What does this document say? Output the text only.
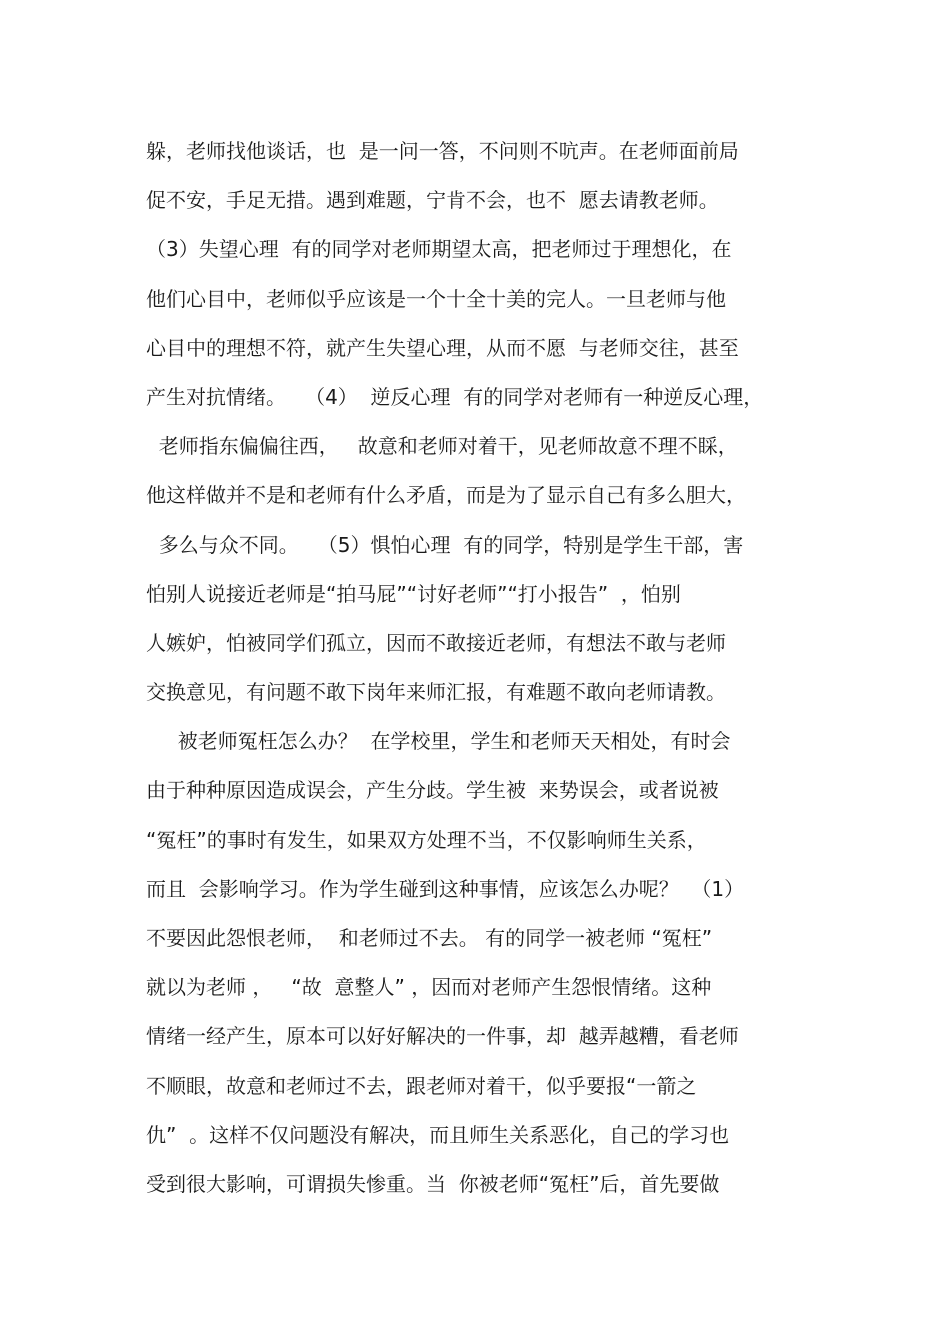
躲，老师找他谈话，也  是一问一答，不问则不吭声。在老师面前局
促不安，手足无措。遇到难题，宁肯不会，也不  愿去请教老师。
（3）失望心理  有的同学对老师期望太高，把老师过于理想化，在
他们心目中，老师似乎应该是一个十全十美的完人。一旦老师与他
心目中的理想不符，就产生失望心理，从而不愿  与老师交往，甚至
产生对抗情绪。   （4）  逆反心理  有的同学对老师有一种逆反心理，
老师指东偏偏往西，   故意和老师对着干，见老师故意不理不睬，
他这样做并不是和老师有什么矛盾，而是为了显示自己有多么胆大，
多么与众不同。   （5）惧怕心理  有的同学，特别是学生干部，害
怕别人说接近老师是“拍马屁”“讨好老师”“打小报告”  ，怕别
人嫉妒，怕被同学们孤立，因而不敢接近老师，有想法不敢与老师
交换意见，有问题不敢下岗年来师汇报，有难题不敢向老师请教。
被老师冤枉怎么办？  在学校里，学生和老师天天相处，有时会
由于种种原因造成误会，产生分歧。学生被  来势误会，或者说被
“冤枉”的事时有发生，如果双方处理不当，不仅影响师生关系，
而且  会影响学习。作为学生碰到这种事情，应该怎么办呢？  （1）
不要因此怨恨老师，  和老师过不去。 有的同学一被老师 “冤枉”
就以为老师 ，   “故  意整人” ，因而对老师产生怨恨情绪。这种
情绪一经产生，原本可以好好解决的一件事，却  越弄越糟，看老师
不顺眼，故意和老师过不去，跟老师对着干，似乎要报“一箭之
仇”  。这样不仅问题没有解决，而且师生关系恶化，自己的学习也
受到很大影响，可谓损失惨重。当  你被老师“冤枉”后，首先要做
